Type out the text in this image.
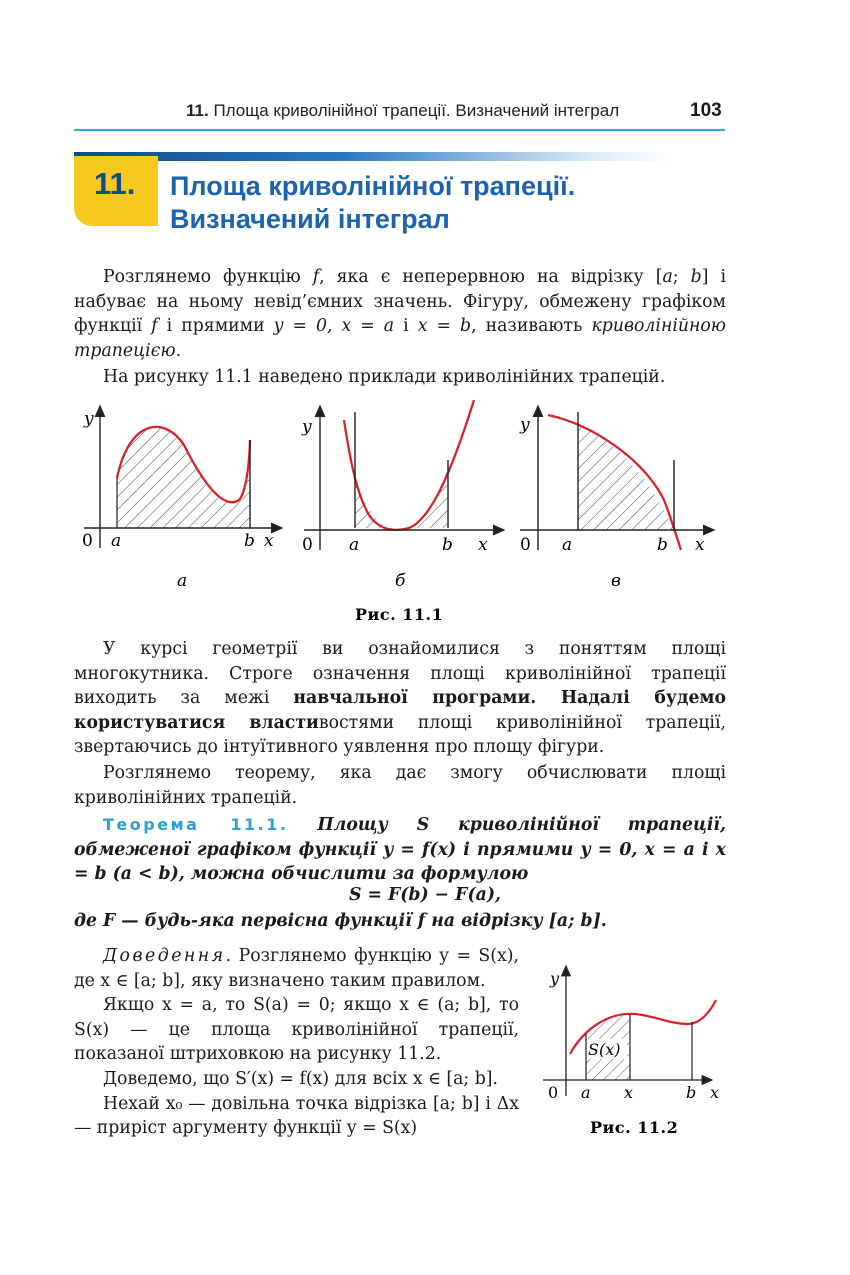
11. Площа криволінійної трапеції. Визначений інтеграл	103
11. Площа криволінійної трапеції.
Визначений інтеграл
Розглянемо функцію f, яка є неперервною на відрізку [a; b] і набуває на ньому невід’ємних значень. Фігуру, обмежену графіком функції f і прямими y = 0, x = a і x = b, називають криволінійною трапецією.
На рисунку 11.1 наведено приклади криволінійних трапецій.
y
0 a	b x
а
y
0 a	b x
б
y
0 a	b x
в
Рис. 11.1
У курсі геометрії ви ознайомилися з поняттям площі многокутника. Строге означення площі криволінійної трапеції виходить за межі навчальної програми. Надалі будемо користуватися властивостями площі криволінійної трапеції, звертаючись до інтуїтивного уявлення про площу фігури.
Розглянемо теорему, яка дає змогу обчислювати площі криволінійних трапецій.
Теорема 11.1. Площу S криволінійної трапеції, обмеженої графіком функції y = f(x) і прямими y = 0, x = a і x = b (a < b), можна обчислити за формулою
S = F(b) − F(a),
де F — будь-яка первісна функції f на відрізку [a; b].
Доведення. Розглянемо функцію y = S(x), де x ∈ [a; b], яку визначено таким правилом.
Якщо x = a, то S(a) = 0; якщо x ∈ (a; b], то S(x) — це площа криволінійної трапеції, показаної штриховкою на рисунку 11.2.
Доведемо, що S′(x) = f(x) для всіх x ∈ [a; b].
Нехай x₀ — довільна точка відрізка [a; b] і Δx — приріст аргументу функції y = S(x)
y
0 a x	b x
S(x)
Рис. 11.2
